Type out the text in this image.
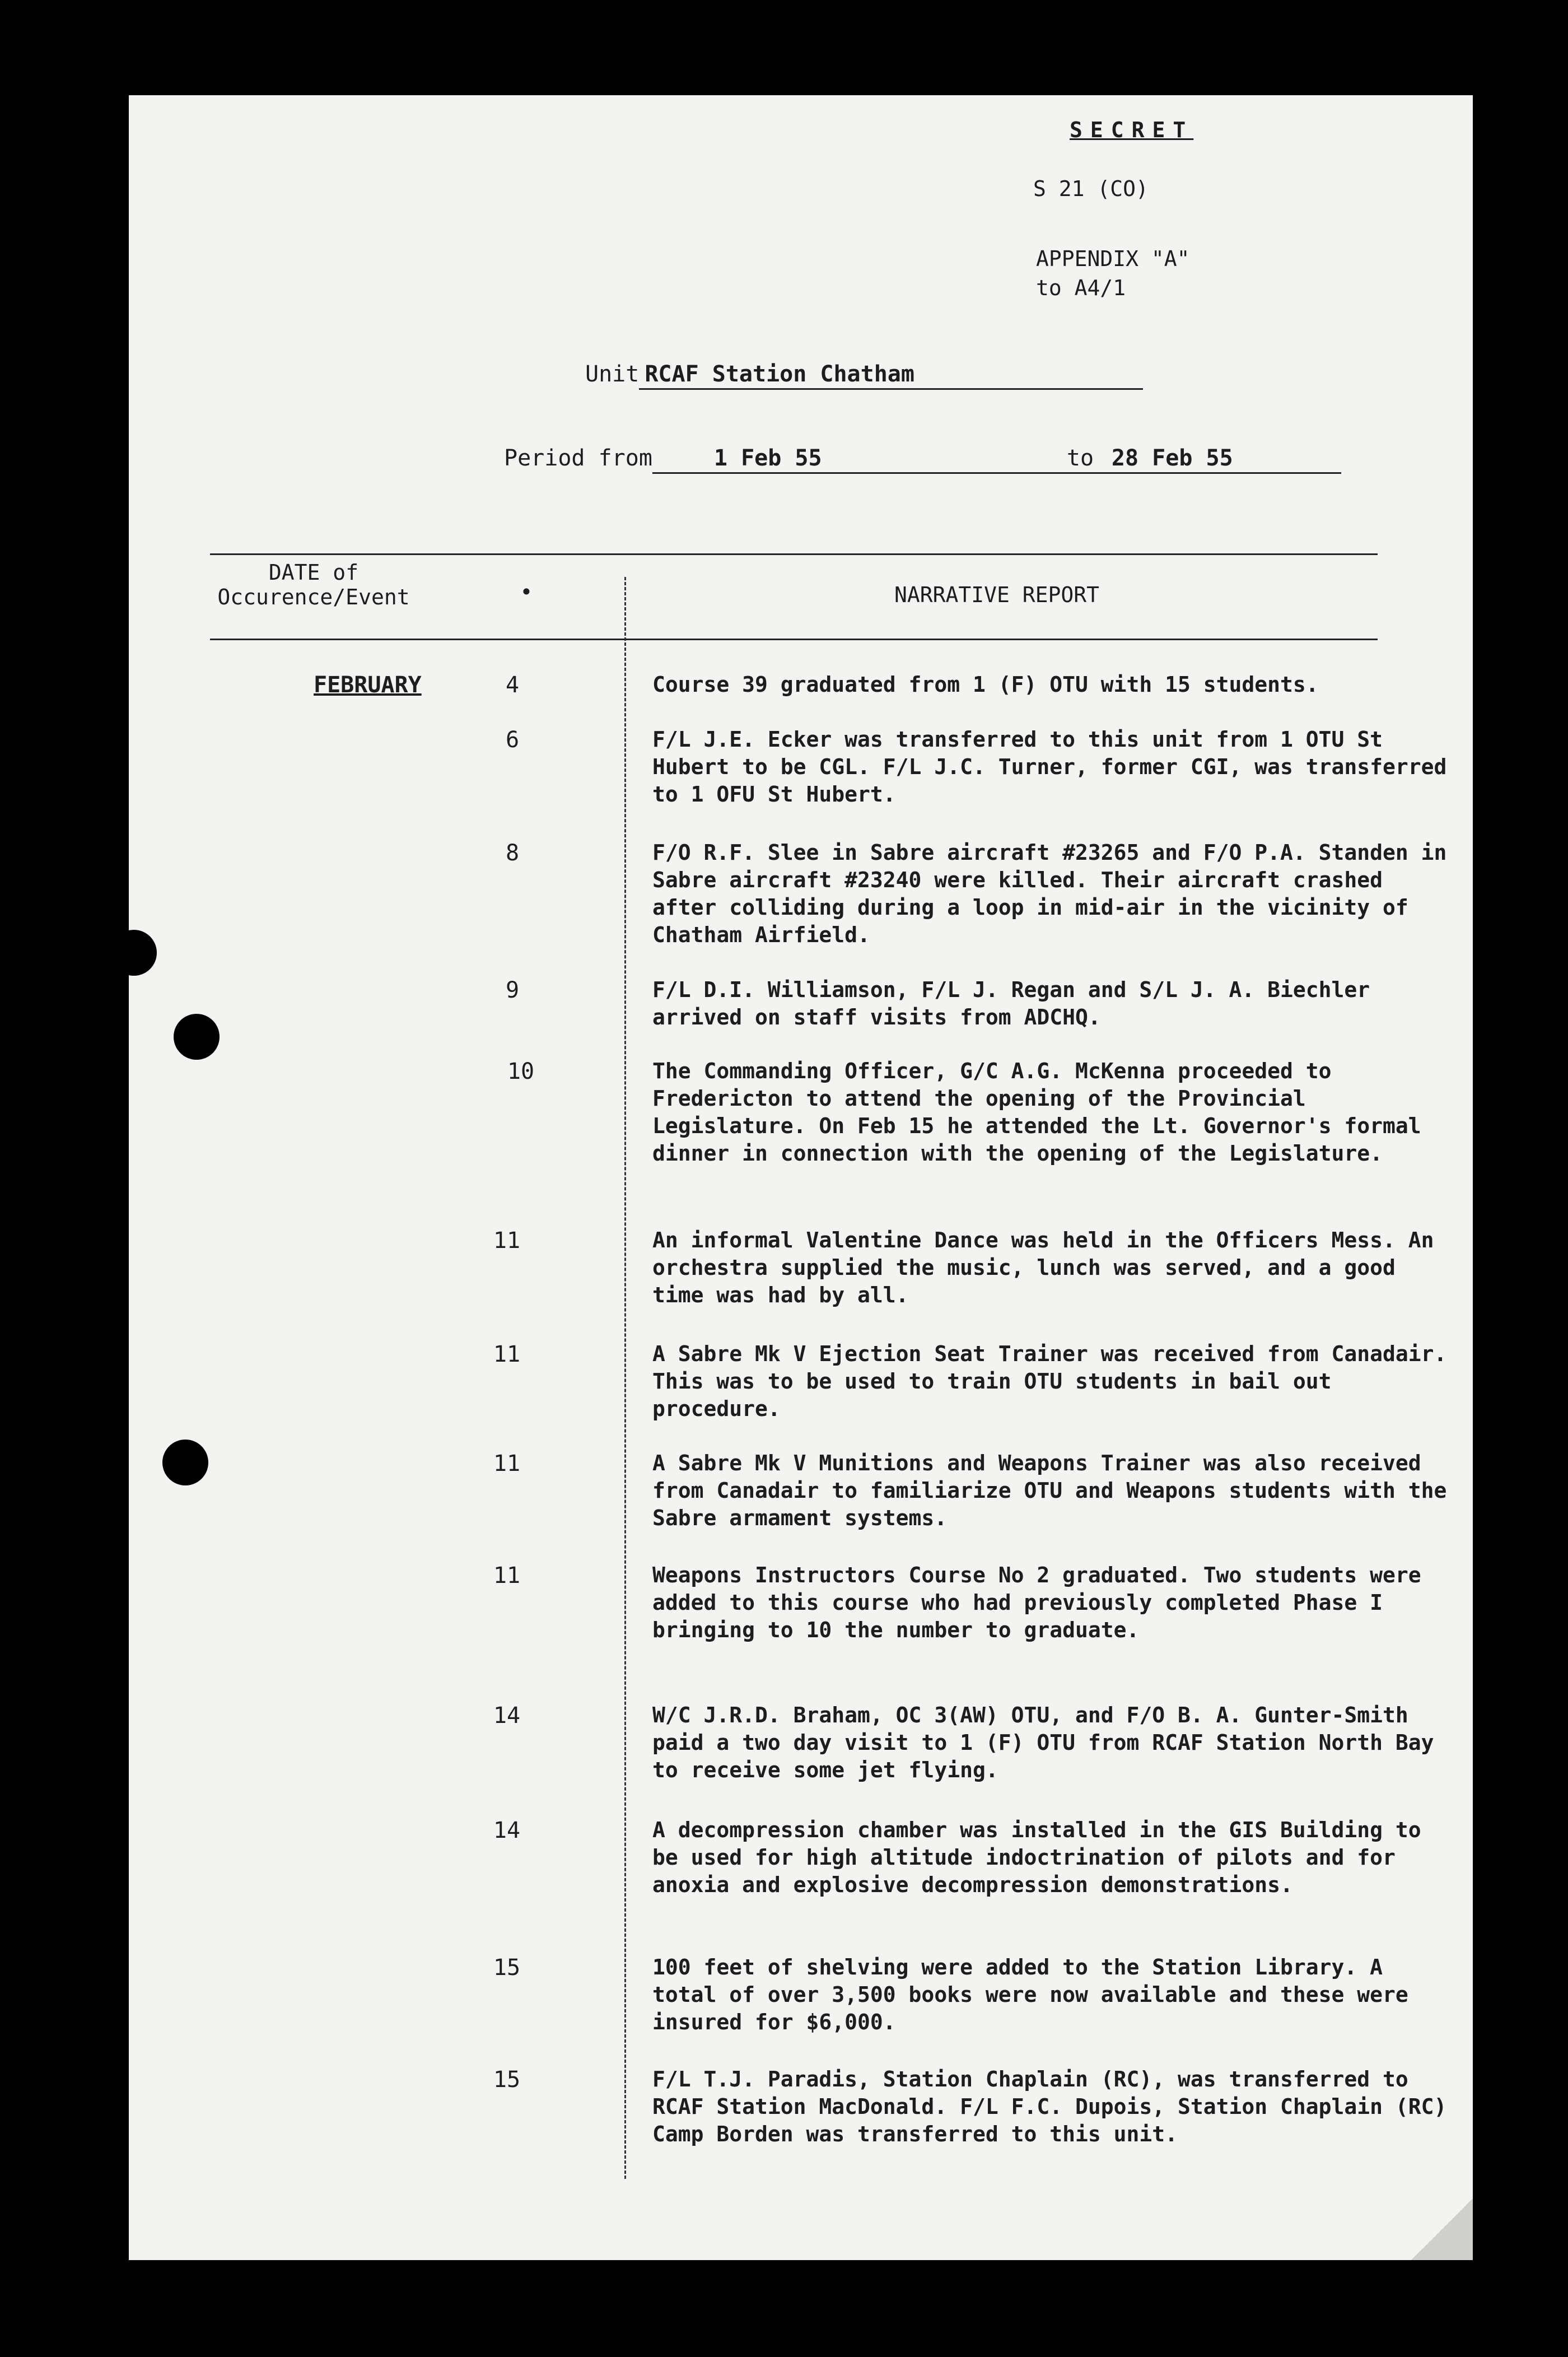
SECRET
S 21 (CO)
APPENDIX "A"
to A4/1
Unit RCAF Station Chatham
Period from	1 Feb 55	to 28 Feb 55
DATE of
Occurence/Event	•	NARRATIVE REPORT
FEBRUARY	4	Course 39 graduated from 1 (F) OTU with 15 students.

6	F/L J.E. Ecker was transferred to this unit from 1 OTU St Hubert to be CGL. F/L J.C. Turner, former CGI, was transferred to 1 OFU St Hubert.

8	F/O R.F. Slee in Sabre aircraft #23265 and F/O P.A. Standen in Sabre aircraft #23240 were killed. Their aircraft crashed after colliding during a loop in mid-air in the vicinity of Chatham Airfield.

9	F/L D.I. Williamson, F/L J. Regan and S/L J. A. Biechler arrived on staff visits from ADCHQ.

10	The Commanding Officer, G/C A.G. McKenna proceeded to Fredericton to attend the opening of the Provincial Legislature. On Feb 15 he attended the Lt. Governor's formal dinner in connection with the opening of the Legislature.

11	An informal Valentine Dance was held in the Officers Mess. An orchestra supplied the music, lunch was served, and a good time was had by all.

11	A Sabre Mk V Ejection Seat Trainer was received from Canadair. This was to be used to train OTU students in bail out procedure.

11	A Sabre Mk V Munitions and Weapons Trainer was also received from Canadair to familiarize OTU and Weapons students with the Sabre armament systems.

11	Weapons Instructors Course No 2 graduated. Two students were added to this course who had previously completed Phase I bringing to 10 the number to graduate.

14	W/C J.R.D. Braham, OC 3(AW) OTU, and F/O B. A. Gunter-Smith paid a two day visit to 1 (F) OTU from RCAF Station North Bay to receive some jet flying.

14	A decompression chamber was installed in the GIS Building to be used for high altitude indoctrination of pilots and for anoxia and explosive decompression demonstrations.

15	100 feet of shelving were added to the Station Library. A total of over 3,500 books were now available and these were insured for $6,000.

15	F/L T.J. Paradis, Station Chaplain (RC), was transferred to RCAF Station MacDonald. F/L F.C. Dupois, Station Chaplain (RC) Camp Borden was transferred to this unit.
